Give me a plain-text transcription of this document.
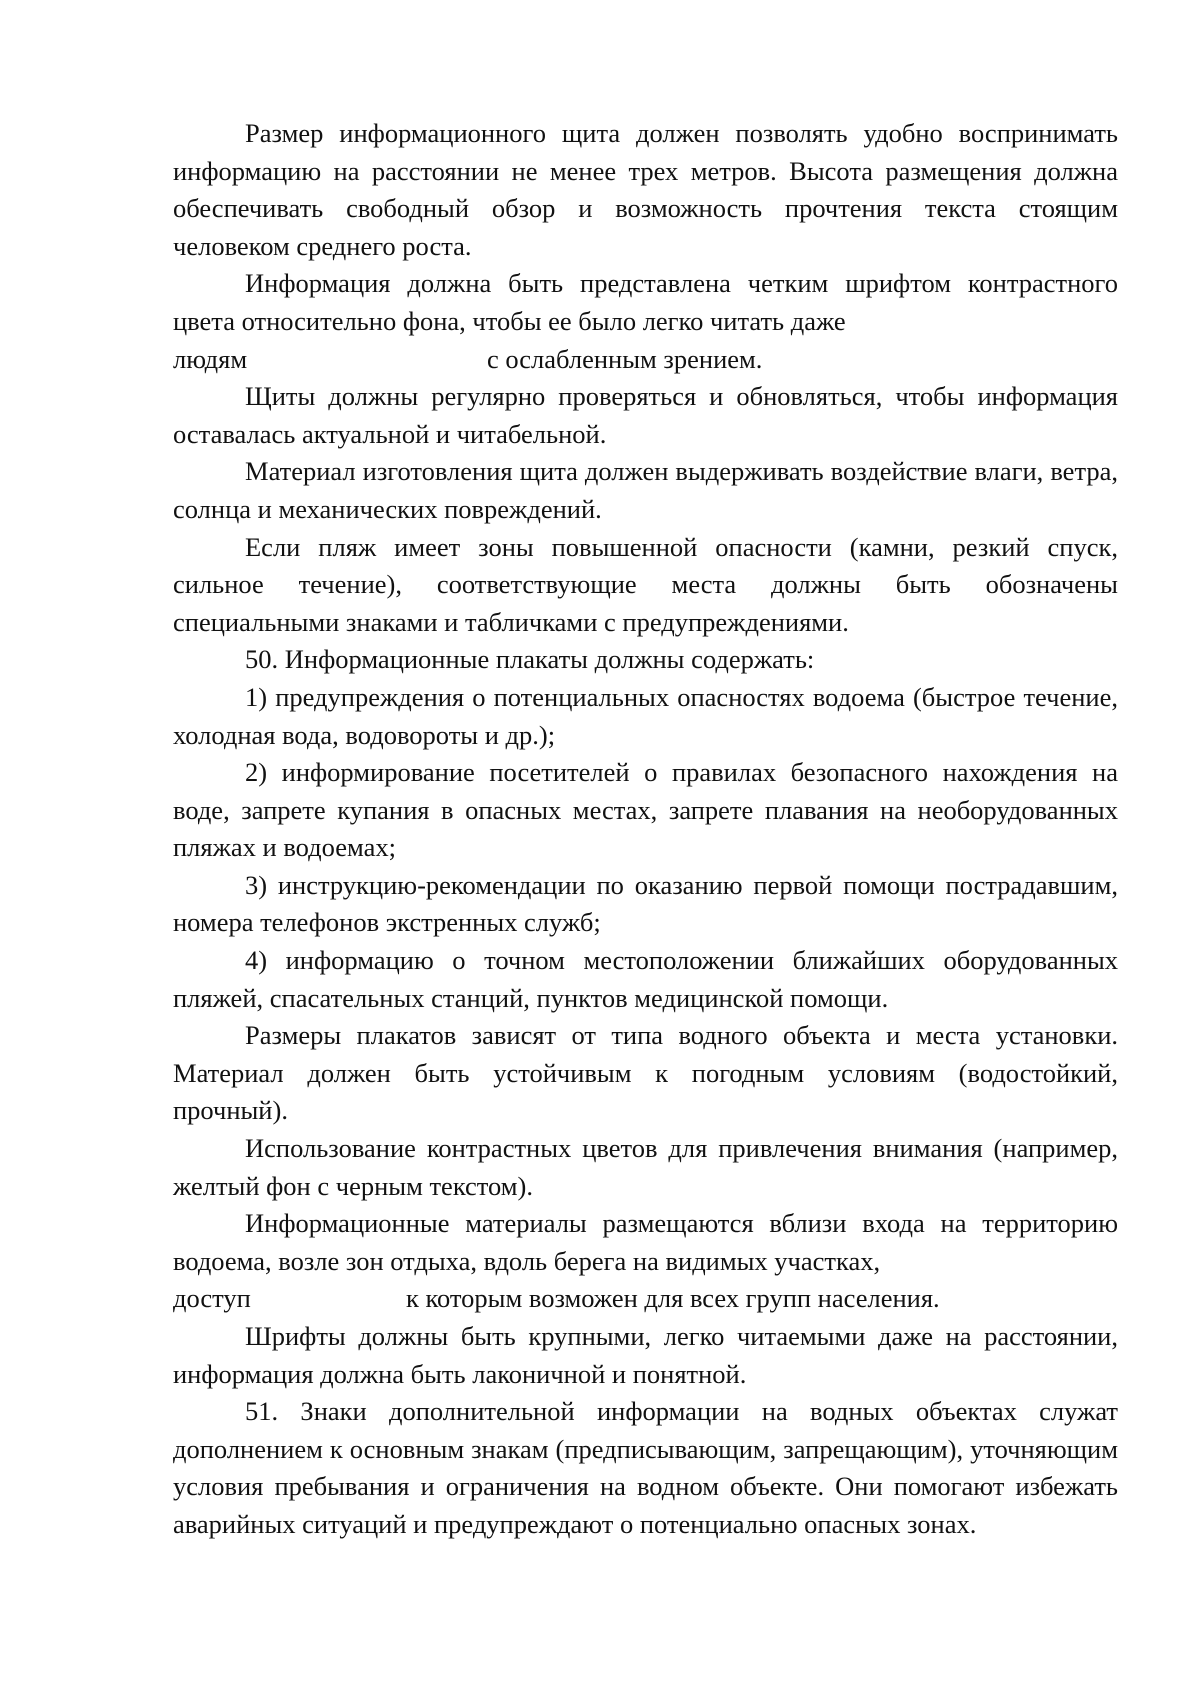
Размер информационного щита должен позволять удобно воспринимать информацию на расстоянии не менее трех метров. Высота размещения должна обеспечивать свободный обзор и возможность прочтения текста стоящим человеком среднего роста.

Информация должна быть представлена четким шрифтом контрастного цвета относительно фона, чтобы ее было легко читать даже

людям	с ослабленным зрением.

Щиты должны регулярно проверяться и обновляться, чтобы информация оставалась актуальной и читабельной.

Материал изготовления щита должен выдерживать воздействие влаги, ветра, солнца и механических повреждений.

Если пляж имеет зоны повышенной опасности (камни, резкий спуск, сильное течение), соответствующие места должны быть обозначены специальными знаками и табличками с предупреждениями.

50. Информационные плакаты должны содержать:

1) предупреждения о потенциальных опасностях водоема (быстрое течение, холодная вода, водовороты и др.);

2) информирование посетителей о правилах безопасного нахождения на воде, запрете купания в опасных местах, запрете плавания на необорудованных пляжах и водоемах;

3) инструкцию-рекомендации по оказанию первой помощи пострадавшим, номера телефонов экстренных служб;

4) информацию о точном местоположении ближайших оборудованных пляжей, спасательных станций, пунктов медицинской помощи.

Размеры плакатов зависят от типа водного объекта и места установки. Материал должен быть устойчивым к погодным условиям (водостойкий, прочный).

Использование контрастных цветов для привлечения внимания (например, желтый фон с черным текстом).

Информационные материалы размещаются вблизи входа на территорию водоема, возле зон отдыха, вдоль берега на видимых участках,

доступ	к которым возможен для всех групп населения.

Шрифты должны быть крупными, легко читаемыми даже на расстоянии, информация должна быть лаконичной и понятной.

51. Знаки дополнительной информации на водных объектах служат дополнением к основным знакам (предписывающим, запрещающим), уточняющим условия пребывания и ограничения на водном объекте. Они помогают избежать аварийных ситуаций и предупреждают о потенциально опасных зонах.
